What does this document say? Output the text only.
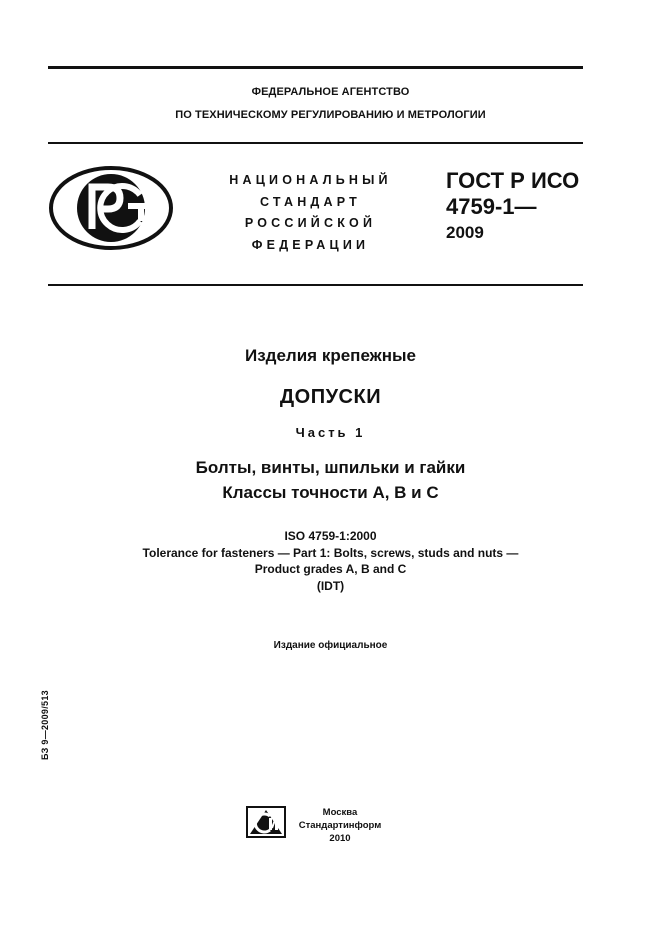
ФЕДЕРАЛЬНОЕ АГЕНТСТВО
ПО ТЕХНИЧЕСКОМУ РЕГУЛИРОВАНИЮ И МЕТРОЛОГИИ
PCT
НАЦИОНАЛЬНЫЙ
СТАНДАРТ
РОССИЙСКОЙ
ФЕДЕРАЦИИ
ГОСТ Р ИСО
4759-1—
2009
Изделия крепежные
ДОПУСКИ
Часть 1
Болты, винты, шпильки и гайки
Классы точности A, B и C
ISO 4759-1:2000
Tolerance for fasteners — Part 1: Bolts, screws, studs and nuts —
Product grades A, B and C
(IDT)
Издание официальное
БЗ 9—2009/513
Москва
Стандартинформ
2010
